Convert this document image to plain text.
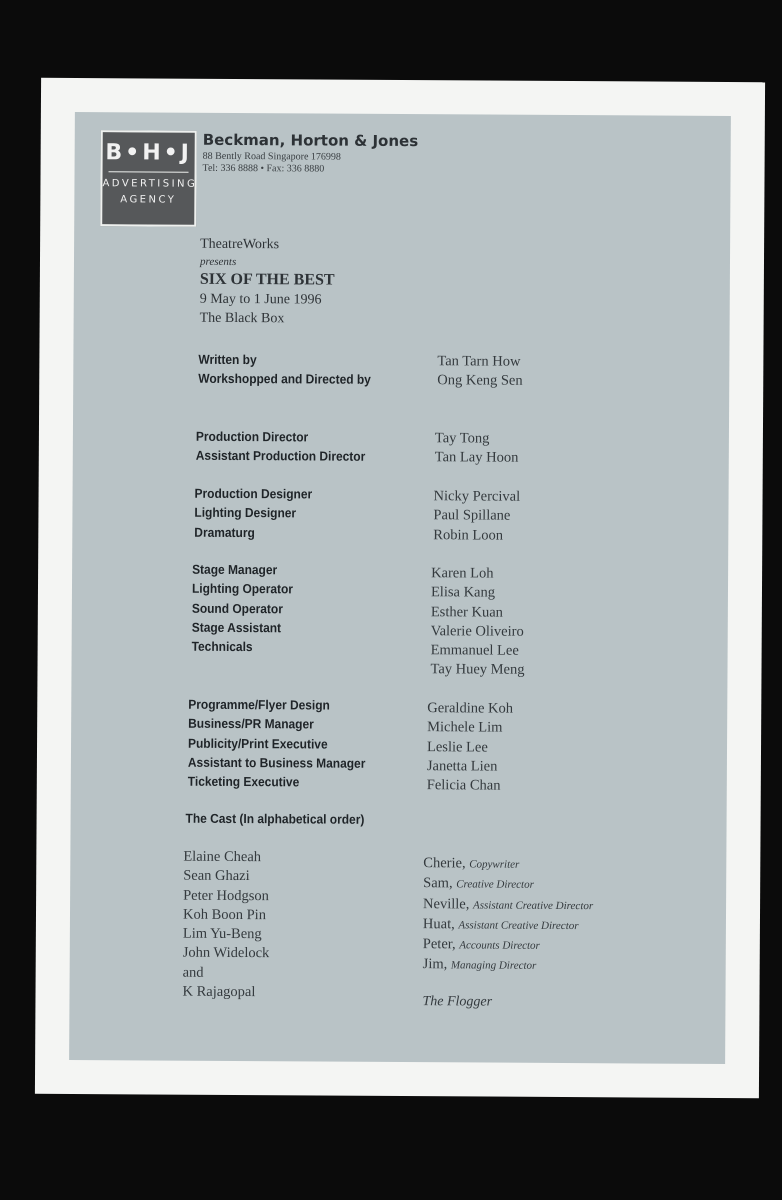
B•H•J
ADVERTISING
AGENCY
Beckman, Horton & Jones
88 Bently Road Singapore 176998
Tel: 336 8888 • Fax: 336 8880
TheatreWorks
presents
SIX OF THE BEST
9 May to 1 June 1996
The Black Box
Written by
Workshopped and Directed by
Tan Tarn How
Ong Keng Sen
Production Director
Assistant Production Director
Tay Tong
Tan Lay Hoon
Production Designer
Lighting Designer
Dramaturg
Nicky Percival
Paul Spillane
Robin Loon
Stage Manager
Lighting Operator
Sound Operator
Stage Assistant
Technicals
Karen Loh
Elisa Kang
Esther Kuan
Valerie Oliveiro
Emmanuel Lee
Tay Huey Meng
Programme/Flyer Design
Business/PR Manager
Publicity/Print Executive
Assistant to Business Manager
Ticketing Executive
Geraldine Koh
Michele Lim
Leslie Lee
Janetta Lien
Felicia Chan
The Cast (In alphabetical order)
Elaine Cheah
Sean Ghazi
Peter Hodgson
Koh Boon Pin
Lim Yu-Beng
John Widelock
and
K Rajagopal
Cherie, Copywriter
Sam, Creative Director
Neville, Assistant Creative Director
Huat, Assistant Creative Director
Peter, Accounts Director
Jim, Managing Director
The Flogger
